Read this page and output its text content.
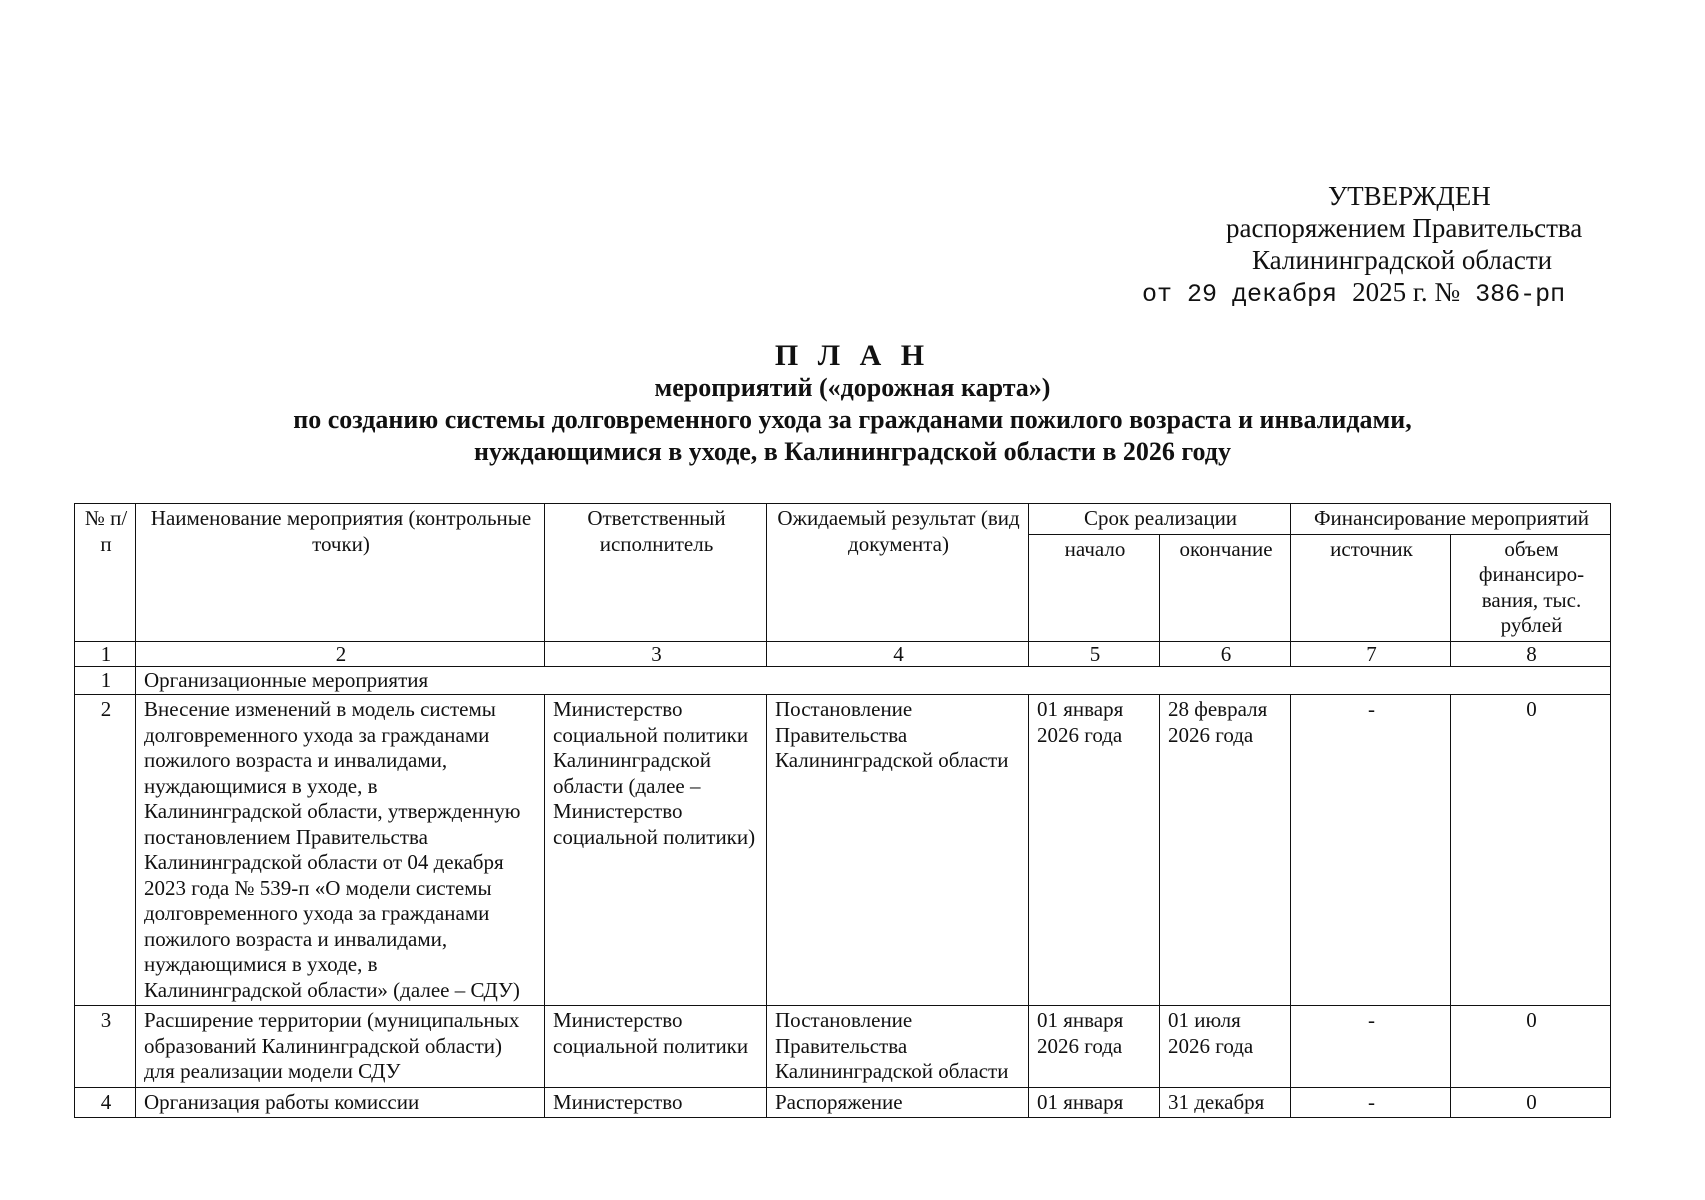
УТВЕРЖДЕН
распоряжением Правительства
Калининградской области
от 29 декабря 2025 г. № 386-рп
П Л А Н
мероприятий («дорожная карта»)
по созданию системы долговременного ухода за гражданами пожилого возраста и инвалидами,
нуждающимися в уходе, в Калининградской области в 2026 году
№ п/п	Наименование мероприятия (контрольные точки)	Ответственный исполнитель	Ожидаемый результат (вид документа)	Срок реализации		Финансирование мероприятий	
				начало	окончание	источник	объем финансиро-вания, тыс. рублей
1	2	3	4	5	6	7	8
1	Организационные мероприятия						
2	Внесение изменений в модель системы долговременного ухода за гражданами пожилого возраста и инвалидами, нуждающимися в уходе, в Калининградской области, утвержденную постановлением Правительства Калининградской области от 04 декабря 2023 года № 539-п «О модели системы долговременного ухода за гражданами пожилого возраста и инвалидами, нуждающимися в уходе, в Калининградской области» (далее – СДУ)	Министерство социальной политики Калининградской области (далее – Министерство социальной политики)	Постановление Правительства Калининградской области	01 января 2026 года	28 февраля 2026 года	-	0
3	Расширение территории (муниципальных образований Калининградской области) для реализации модели СДУ	Министерство социальной политики	Постановление Правительства Калининградской области	01 января 2026 года	01 июля 2026 года	-	0
4	Организация работы комиссии	Министерство	Распоряжение	01 января	31 декабря	-	0
